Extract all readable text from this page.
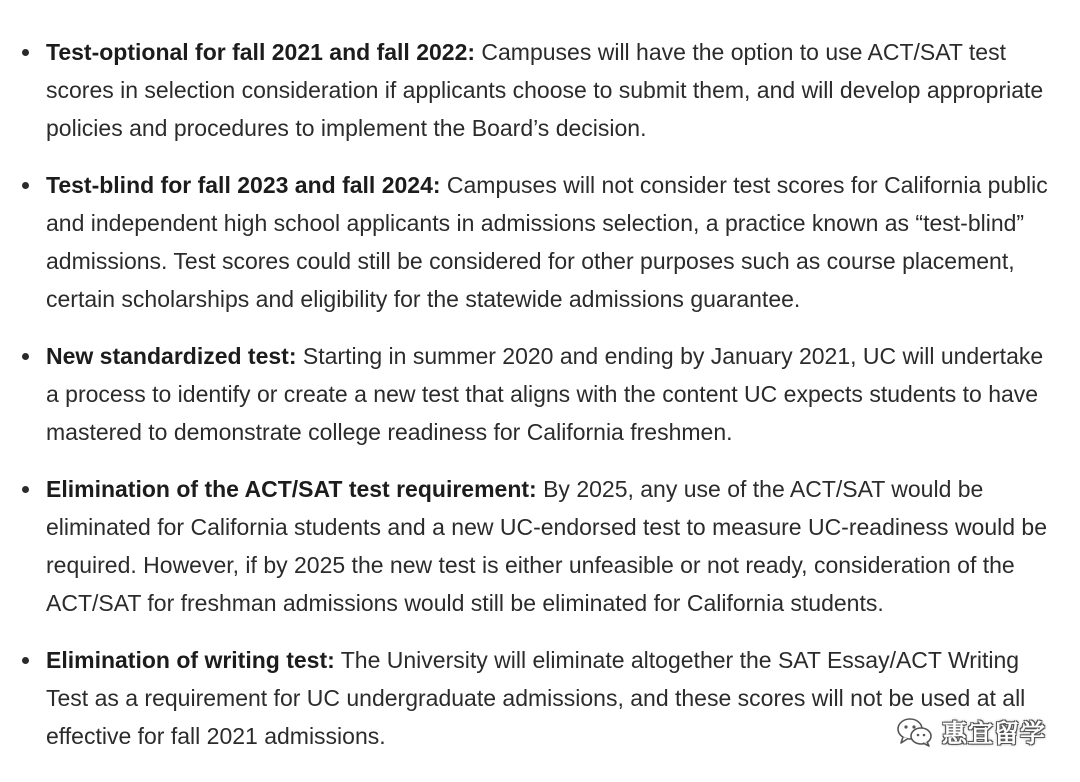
Test-optional for fall 2021 and fall 2022: Campuses will have the option to use ACT/SAT test scores in selection consideration if applicants choose to submit them, and will develop appropriate policies and procedures to implement the Board’s decision.
Test-blind for fall 2023 and fall 2024: Campuses will not consider test scores for California public and independent high school applicants in admissions selection, a practice known as “test-blind” admissions. Test scores could still be considered for other purposes such as course placement, certain scholarships and eligibility for the statewide admissions guarantee.
New standardized test: Starting in summer 2020 and ending by January 2021, UC will undertake a process to identify or create a new test that aligns with the content UC expects students to have mastered to demonstrate college readiness for California freshmen.
Elimination of the ACT/SAT test requirement: By 2025, any use of the ACT/SAT would be eliminated for California students and a new UC-endorsed test to measure UC-readiness would be required. However, if by 2025 the new test is either unfeasible or not ready, consideration of the ACT/SAT for freshman admissions would still be eliminated for California students.
Elimination of writing test: The University will eliminate altogether the SAT Essay/ACT Writing Test as a requirement for UC undergraduate admissions, and these scores will not be used at all effective for fall 2021 admissions.	惠宜留学
